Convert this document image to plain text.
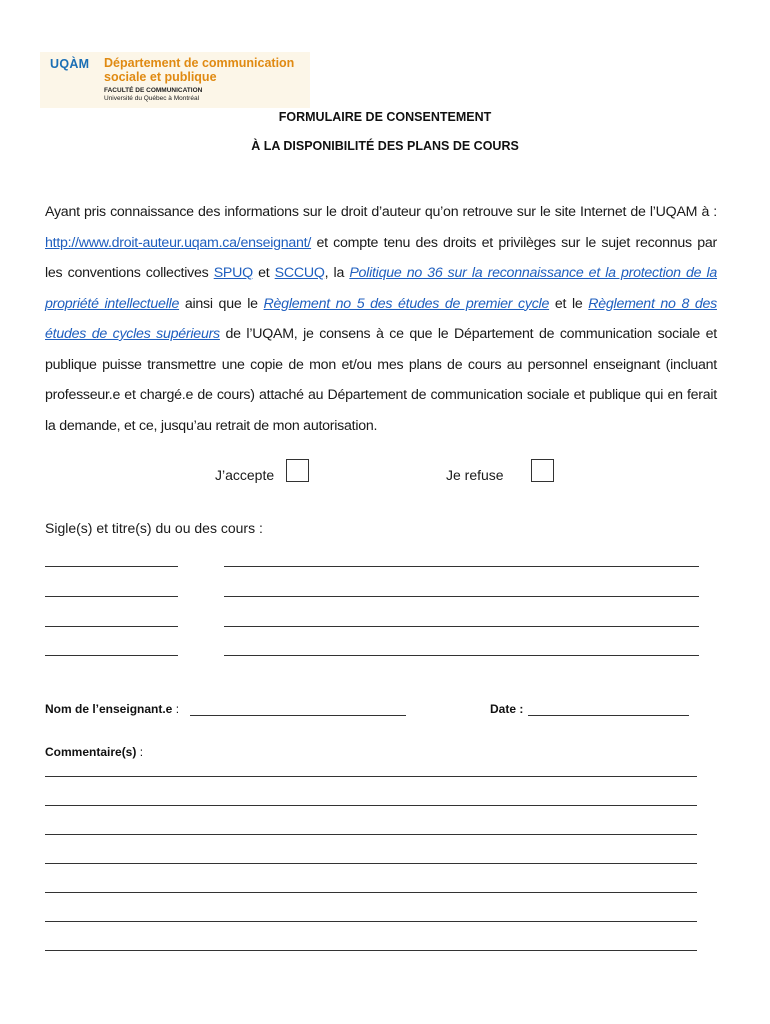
UQÀM Département de communication
sociale et publique
FACULTÉ DE COMMUNICATION
Université du Québec à Montréal
FORMULAIRE DE CONSENTEMENT
À LA DISPONIBILITÉ DES PLANS DE COURS
Ayant pris connaissance des informations sur le droit d’auteur qu’on retrouve sur le site Internet de l’UQAM à : http://www.droit-auteur.uqam.ca/enseignant/ et compte tenu des droits et privilèges sur le sujet reconnus par les conventions collectives SPUQ et SCCUQ, la Politique no 36 sur la reconnaissance et la protection de la propriété intellectuelle ainsi que le Règlement no 5 des études de premier cycle et le Règlement no 8 des études de cycles supérieurs de l’UQAM, je consens à ce que le Département de communication sociale et publique puisse transmettre une copie de mon et/ou mes plans de cours au personnel enseignant (incluant professeur.e et chargé.e de cours) attaché au Département de communication sociale et publique qui en ferait la demande, et ce, jusqu’au retrait de mon autorisation.
J’accepte	Je refuse
Sigle(s) et titre(s) du ou des cours :
Nom de l’enseignant.e :	Date :
Commentaire(s) :
